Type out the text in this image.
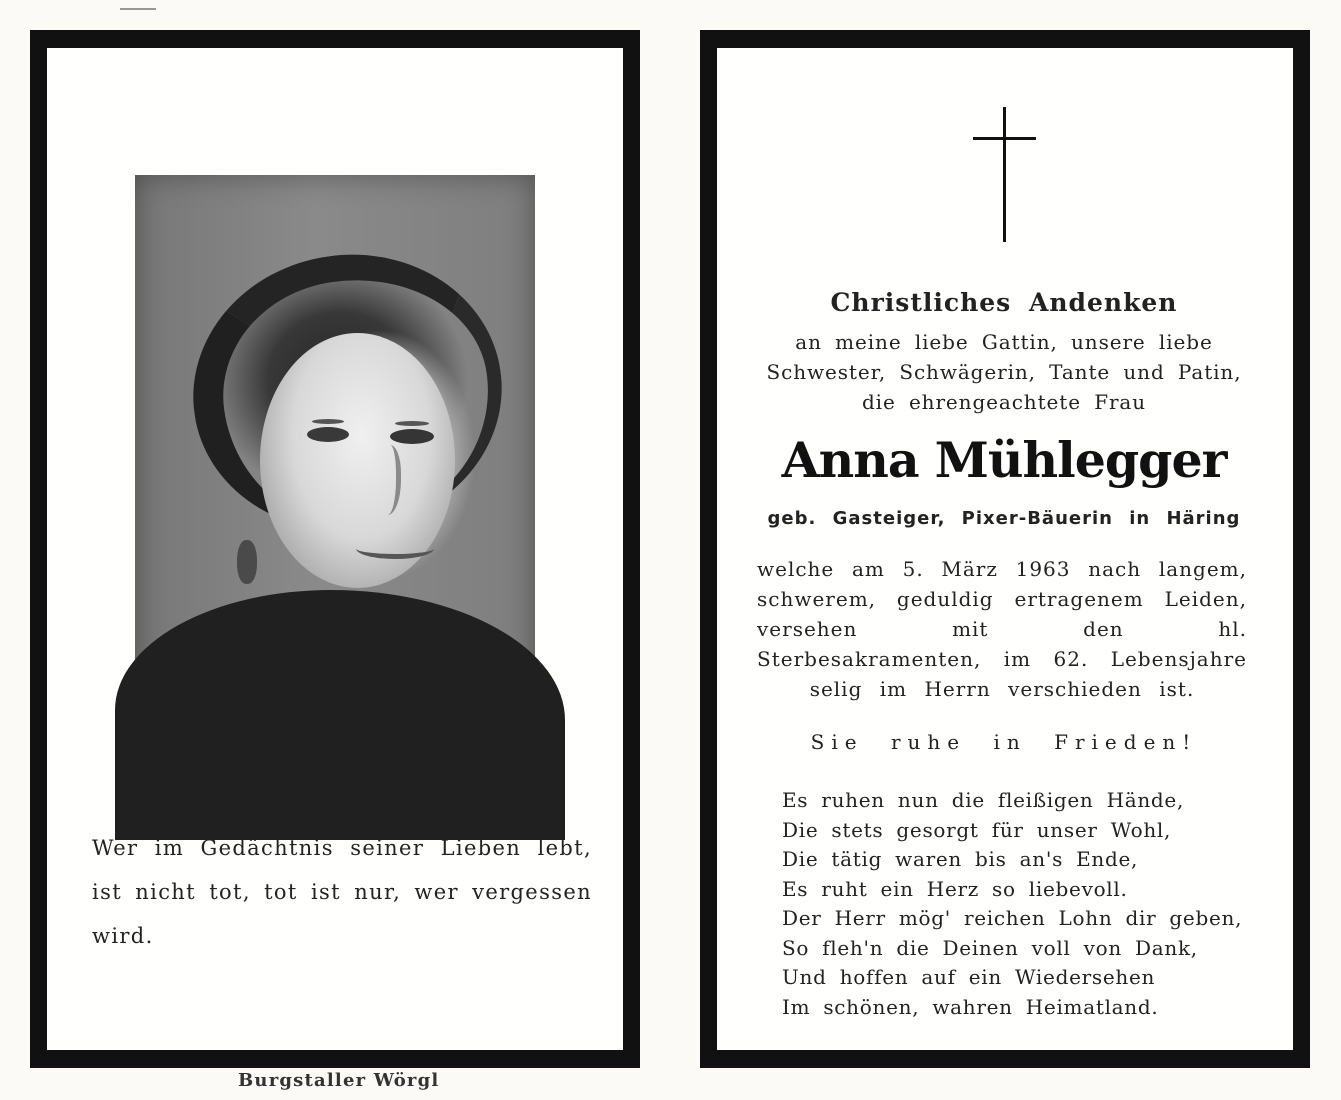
Wer im Gedächtnis seiner Lieben lebt, ist nicht tot, tot ist nur, wer vergessen wird.
Burgstaller Wörgl
Christliches Andenken
an meine liebe Gattin, unsere liebe Schwester, Schwägerin, Tante und Patin, die ehrengeachtete Frau
Anna Mühlegger
geb. Gasteiger, Pixer-Bäuerin in Häring
welche am 5. März 1963 nach langem, schwerem, geduldig ertragenem Leiden, versehen mit den hl. Sterbesakramenten, im 62. Lebensjahre selig im Herrn verschieden ist.
Sie ruhe in Frieden!
Es ruhen nun die fleißigen Hände,
Die stets gesorgt für unser Wohl,
Die tätig waren bis an's Ende,
Es ruht ein Herz so liebevoll.
Der Herr mög' reichen Lohn dir geben,
So fleh'n die Deinen voll von Dank,
Und hoffen auf ein Wiedersehen
Im schönen, wahren Heimatland.
